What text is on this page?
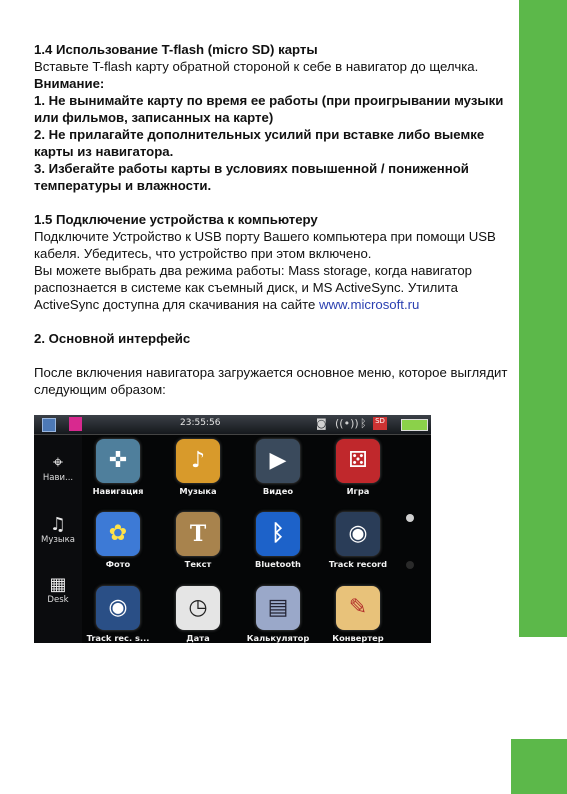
1.4 Использование T-flash (micro SD) карты

Вставьте T-flash карту обратной стороной к себе в навигатор до щелчка.

Внимание:

1. Не вынимайте карту по время ее работы (при проигрывании музыки или фильмов, записанных на карте)

2. Не прилагайте дополнительных усилий при вставке либо выемке карты из навигатора.

3. Избегайте работы карты в условиях повышенной / пониженной температуры и влажности.

1.5 Подключение устройства к компьютеру

Подключите Устройство к USB порту Вашего компьютера при помощи USB кабеля. Убедитесь, что устройство при этом включено.

Вы можете выбрать два режима работы: Mass storage, когда навигатор распознается в системе как съемный диск, и MS ActiveSync. Утилита ActiveSync доступна для скачивания на сайте www.microsoft.ru

2. Основной интерфейс

После включения навигатора загружается основное меню, которое выглядит следующим образом:

23:55:56	◙ ((•)) ᛒ SD
⌖
Нави...
♫
Музыка
▦
Desk
✜
Навигация
♪
Музыка
▶
Видео
⚄
Игра
✿
Фото
T
Текст
ᛒ
Bluetooth
◉
Track record
◉
Track rec. s...
◷
Дата
▤
Калькулятор
✎
Конвертер
